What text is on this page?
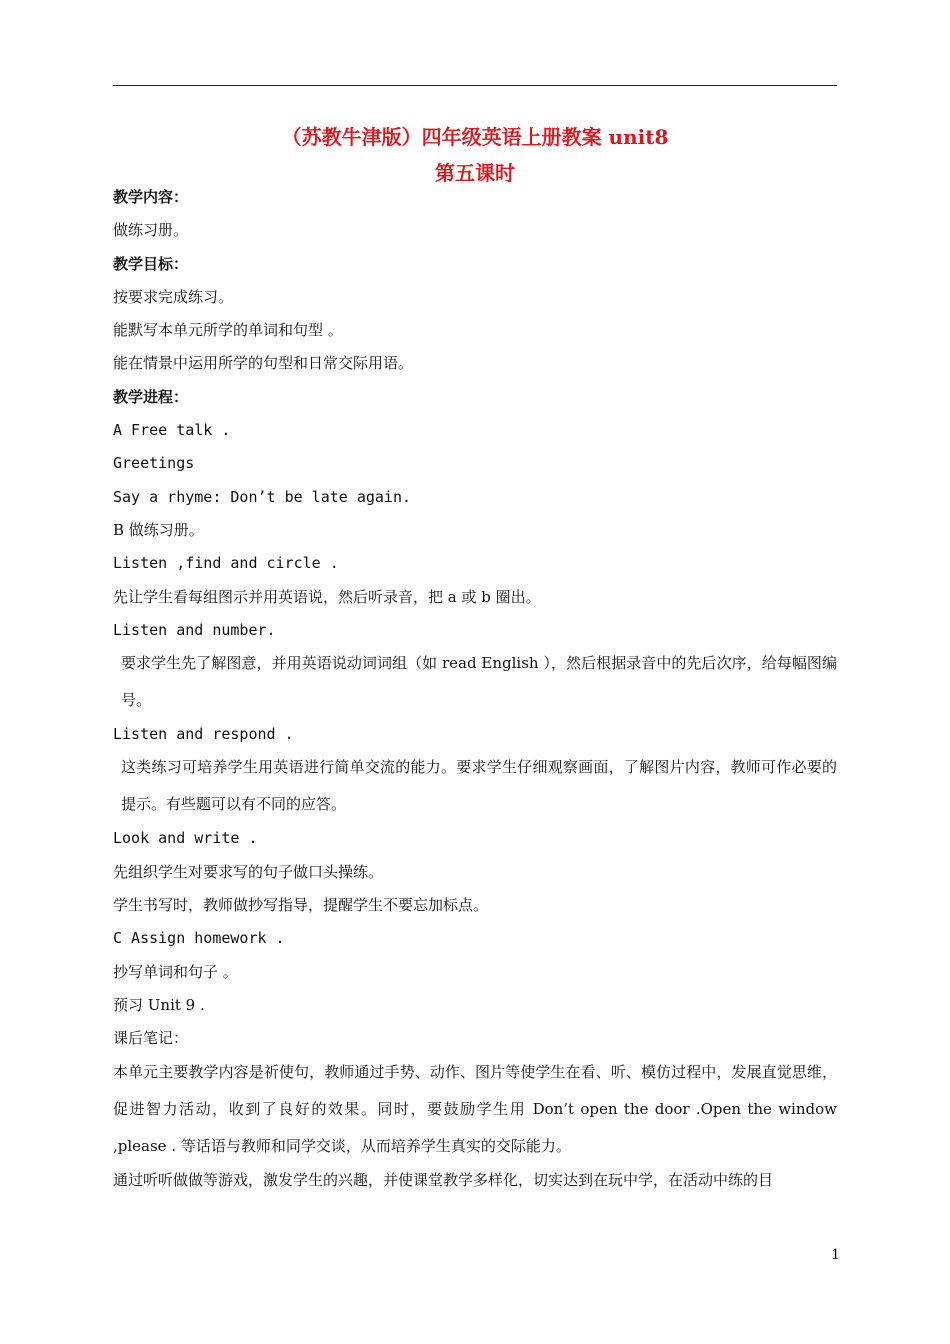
（苏教牛津版）四年级英语上册教案 unit8
第五课时
教学内容：
做练习册。
教学目标：
按要求完成练习。
能默写本单元所学的单词和句型 。
能在情景中运用所学的句型和日常交际用语。
教学进程：
A Free talk .
Greetings
Say a rhyme: Don’t be late again.
B 做练习册。
Listen ,find and circle .
先让学生看每组图示并用英语说，然后听录音，把 a 或 b 圈出。
Listen and number.
要求学生先了解图意，并用英语说动词词组（如 read English ），然后根据录音中的先后次序，给每幅图编号。
Listen and respond .
这类练习可培养学生用英语进行简单交流的能力。要求学生仔细观察画面，了解图片内容，教师可作必要的提示。有些题可以有不同的应答。
Look and write .
先组织学生对要求写的句子做口头操练。
学生书写时，教师做抄写指导，提醒学生不要忘加标点。
C Assign homework .
抄写单词和句子 。
预习 Unit 9 .
课后笔记：
本单元主要教学内容是祈使句，教师通过手势、动作、图片等使学生在看、听、模仿过程中，发展直觉思维，促进智力活动，收到了良好的效果。同时，要鼓励学生用 Don’t open the door .Open the window ,please . 等话语与教师和同学交谈，从而培养学生真实的交际能力。
通过听听做做等游戏，激发学生的兴趣，并使课堂教学多样化，切实达到在玩中学，在活动中练的目
1
